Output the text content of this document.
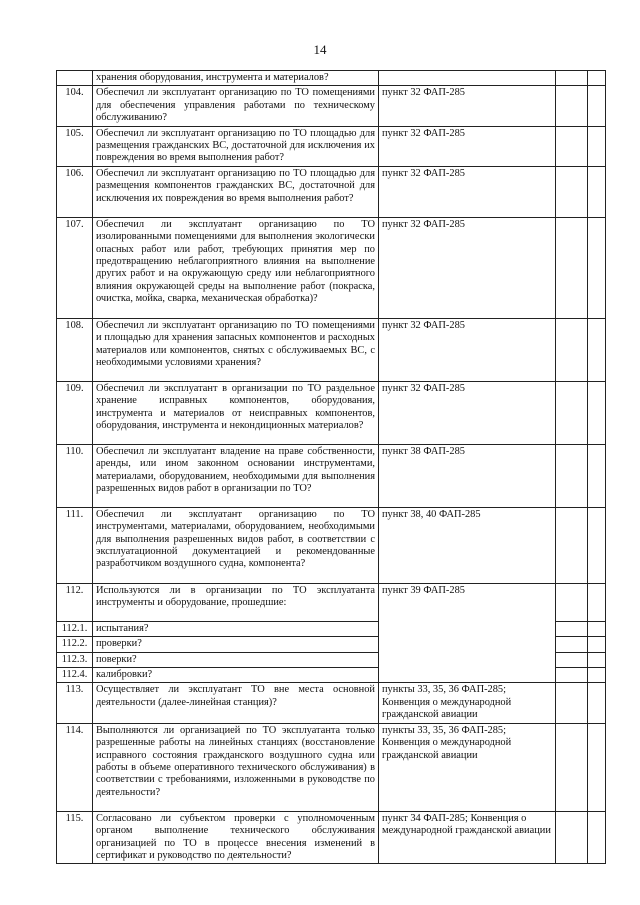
14
	хранения оборудования, инструмента и материалов?			
104.	Обеспечил ли эксплуатант организацию по ТО помещениями для обеспечения управления работами по техническому обслуживанию?	пункт 32 ФАП-285		
105.	Обеспечил ли эксплуатант организацию по ТО площадью для размещения гражданских ВС, достаточной для исключения их повреждения во время выполнения работ?	пункт 32 ФАП-285		
106.	Обеспечил ли эксплуатант организацию по ТО площадью для размещения компонентов гражданских ВС, достаточной для исключения их повреждения во время выполнения работ?	пункт 32 ФАП-285		
107.	Обеспечил ли эксплуатант организацию по ТО изолированными помещениями для выполнения экологически опасных работ или работ, требующих принятия мер по предотвращению неблагоприятного влияния на выполнение других работ и на окружающую среду или неблагоприятного влияния окружающей среды на выполнение работ (покраска, очистка, мойка, сварка, механическая обработка)?	пункт 32 ФАП-285		
108.	Обеспечил ли эксплуатант организацию по ТО помещениями и площадью для хранения запасных компонентов и расходных материалов или компонентов, снятых с обслуживаемых ВС, с необходимыми условиями хранения?	пункт 32 ФАП-285		
109.	Обеспечил ли эксплуатант в организации по ТО раздельное хранение исправных компонентов, оборудования, инструмента и материалов от неисправных компонентов, оборудования, инструмента и некондиционных материалов?	пункт 32 ФАП-285		
110.	Обеспечил ли эксплуатант владение на праве собственности, аренды, или ином законном основании инструментами, материалами, оборудованием, необходимыми для выполнения разрешенных видов работ в организации по ТО?	пункт 38 ФАП-285		
111.	Обеспечил ли эксплуатант организацию по ТО инструментами, материалами, оборудованием, необходимыми для выполнения разрешенных видов работ, в соответствии с эксплуатационной документацией и рекомендованные разработчиком воздушного судна, компонента?	пункт 38, 40 ФАП-285		
112.	Используются ли в организации по ТО эксплуатанта инструменты и оборудование, прошедшие:	пункт 39 ФАП-285		
112.1.	испытания?			
112.2.	проверки?			
112.3.	поверки?			
112.4.	калибровки?			
113.	Осуществляет ли эксплуатант ТО вне места основной деятельности (далее-линейная станция)?	пункты 33, 35, 36 ФАП-285; Конвенция о международной гражданской авиации		
114.	Выполняются ли организацией по ТО эксплуатанта только разрешенные работы на линейных станциях (восстановление исправного состояния гражданского воздушного судна или работы в объеме оперативного технического обслуживания) в соответствии с требованиями, изложенными в руководстве по деятельности?	пункты 33, 35, 36 ФАП-285; Конвенция о международной гражданской авиации		
115.	Согласовано ли субъектом проверки с уполномоченным органом выполнение технического обслуживания организацией по ТО в процессе внесения изменений в сертификат и руководство по деятельности?	пункт 34 ФАП-285; Конвенция о международной гражданской авиации		
